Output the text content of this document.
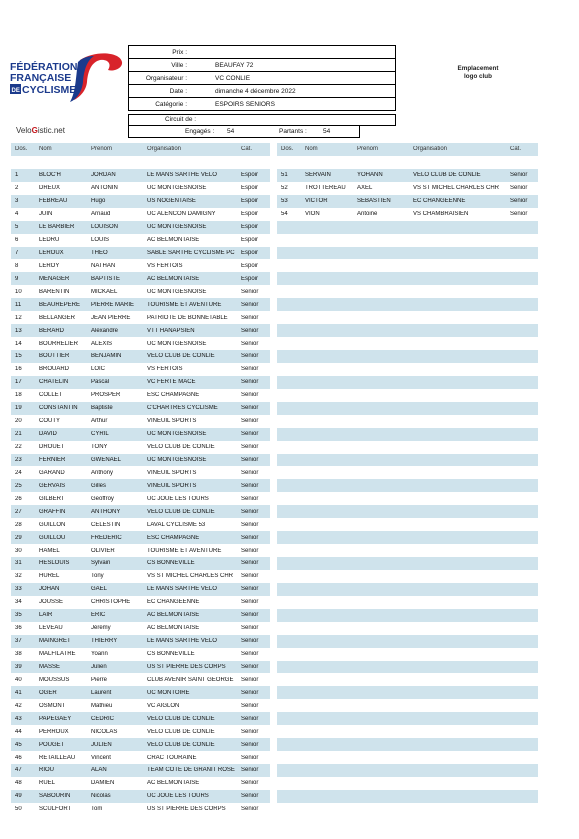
FÉDÉRATION
FRANÇAISE
DE CYCLISME
Prix :
Ville :	BEAUFAY 72
Organisateur :	VC CONLIE
Date :	dimanche 4 décembre 2022
Catégorie :	ESPOIRS SENIORS
Emplacement
logo club
Circuit de :
VeloGistic.net	Engagés : 54	Partants : 54
Dos.	Nom	Prenom	Organisation	Cat.
1	BLOC'H	JORDAN	LE MANS SARTHE VELO	Espoir
2	DREUX	ANTONIN	UC MONTGESNOISE	Espoir
3	FEBREAU	Hugo	US NOGENTAISE	Espoir
4	JUIN	Arnaud	UC ALENCON DAMIGNY	Espoir
5	LE BARBIER	LOUISON	UC MONTGESNOISE	Espoir
6	LEDRU	LOUIS	AC BELMONTAISE	Espoir
7	LEROUX	THEO	SABLE SARTHE CYCLISME PC	Espoir
8	LEROY	NATHAN	VS FERTOIS	Espoir
9	MENAGER	BAPTISTE	AC BELMONTAISE	Espoir
10	BARENTIN	MICKAEL	UC MONTGESNOISE	Senior
11	BEAUREPERE	PIERRE MARIE	TOURISME ET AVENTURE	Senior
12	BELLANGER	JEAN PIERRE	PATRIOTE DE BONNETABLE	Senior
13	BERARD	Alexandre	VTT HANAPSIEN	Senior
14	BOURRELIER	ALEXIS	UC MONTGESNOISE	Senior
15	BOUTTIER	BENJAMIN	VELO CLUB DE CONLIE	Senior
16	BROUARD	LOIC	VS FERTOIS	Senior
17	CHATELIN	Pascal	VC FERTE MACE	Senior
18	COLLET	PROSPER	ESC CHAMPAGNE	Senior
19	CONSTANTIN	Baptiste	C'CHARTRES CYCLISME	Senior
20	COUTY	Arthur	VINEUIL SPORTS	Senior
21	DAVID	CYRIL	UC MONTGESNOISE	Senior
22	DROUET	TONY	VELO CLUB DE CONLIE	Senior
23	FERNIER	GWENAEL	UC MONTGESNOISE	Senior
24	GARAND	Anthony	VINEUIL SPORTS	Senior
25	GERVAIS	Gilles	VINEUIL SPORTS	Senior
26	GILBERT	Geoffroy	UC JOUE LES TOURS	Senior
27	GRAFFIN	ANTHONY	VELO CLUB DE CONLIE	Senior
28	GUILLON	CELESTIN	LAVAL CYCLISME 53	Senior
29	GUILLOU	FREDERIC	ESC CHAMPAGNE	Senior
30	HAMEL	OLIVIER	TOURISME ET AVENTURE	Senior
31	HESLOUIS	Sylvain	CS BONNEVILLE	Senior
32	HUREL	Tony	VS ST MICHEL CHARLES CHR	Senior
33	JOHAN	GAEL	LE MANS SARTHE VELO	Senior
34	JOUSSE	CHRISTOPHE	EC CHANGEENNE	Senior
35	LAIR	ERIC	AC BELMONTAISE	Senior
36	LEVEAU	Jérémy	AC BELMONTAISE	Senior
37	MAINGRET	THIERRY	LE MANS SARTHE VELO	Senior
38	MALFILATRE	Yoann	CS BONNEVILLE	Senior
39	MASSÉ	Julien	US ST PIERRE DES CORPS	Senior
40	MOUSSUS	Pierre	CLUB AVENIR SAINT GEORGE	Senior
41	OGER	Laurent	UC MONTOIRE	Senior
42	OSMONT	Mathieu	VC AIGLON	Senior
43	PAPEGAEY	CEDRIC	VELO CLUB DE CONLIE	Senior
44	PERROUX	NICOLAS	VELO CLUB DE CONLIE	Senior
45	POUGET	JULIEN	VELO CLUB DE CONLIE	Senior
46	RETAILLEAU	Vincent	CRAC TOURAINE	Senior
47	RIOU	ALAN	TEAM COTE DE GRANIT ROSE	Senior
48	RUEL	DAMIEN	AC BELMONTAISE	Senior
49	SABOURIN	Nicolas	UC JOUE LES TOURS	Senior
50	SCULFORT	Tom	US ST PIERRE DES CORPS	Senior
Dos.	Nom	Prenom	Organisation	Cat.
51	SERVAIN	YOHANN	VELO CLUB DE CONLIE	Senior
52	TROTTEREAU	AXEL	VS ST MICHEL CHARLES CHR	Senior
53	VICTOR	SEBASTIEN	EC CHANGEENNE	Senior
54	VION	Antoine	VS CHAMBRAISIEN	Senior
